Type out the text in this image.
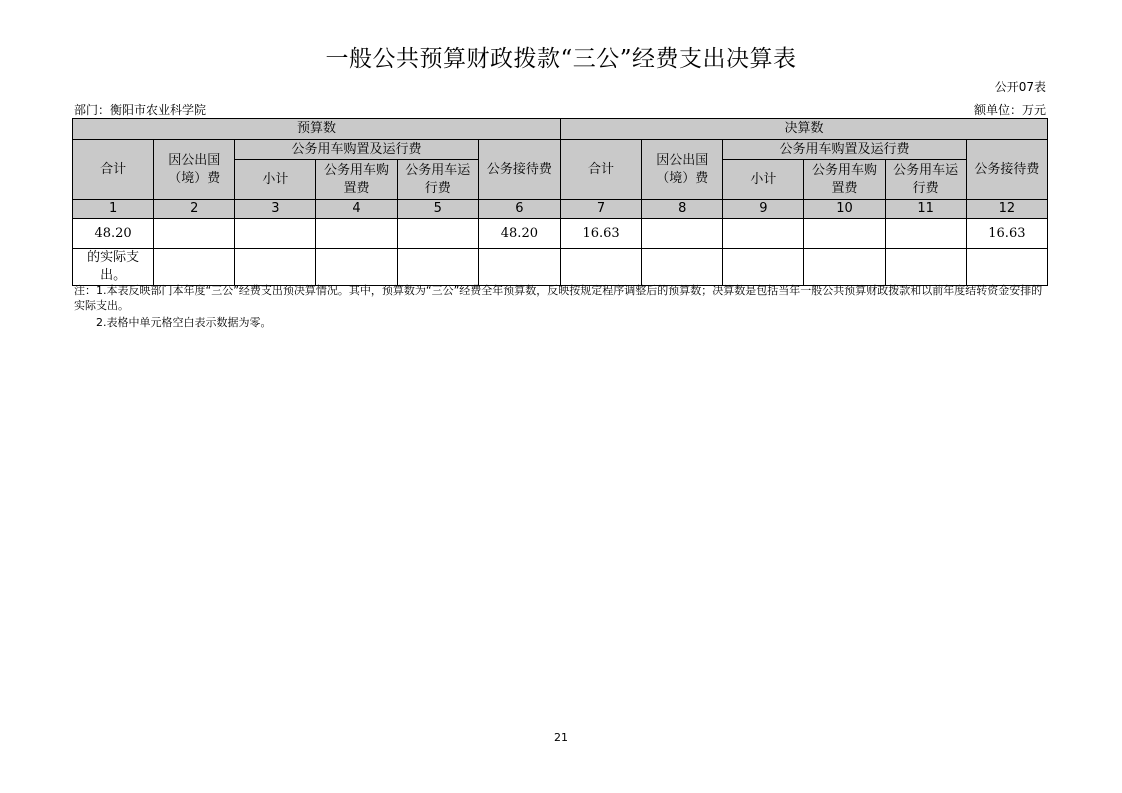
一般公共预算财政拨款“三公”经费支出决算表
公开07表
部门：衡阳市农业科学院	额单位：万元
预算数						决算数					
合计	因公出国（境）费	公务用车购置及运行费			公务接待费	合计	因公出国（境）费	公务用车购置及运行费			公务接待费
		小计	公务用车购置费	公务用车运行费				小计	公务用车购置费	公务用车运行费	
1	2	3	4	5	6	7	8	9	10	11	12
48.20					48.20	16.63					16.63
的实际支出。											
注：1.本表反映部门本年度“三公”经费支出预决算情况。其中，预算数为“三公”经费全年预算数，反映按规定程序调整后的预算数；决算数是包括当年一般公共预算财政拨款和以前年度结转资金安排的实际支出。
2.表格中单元格空白表示数据为零。
21
